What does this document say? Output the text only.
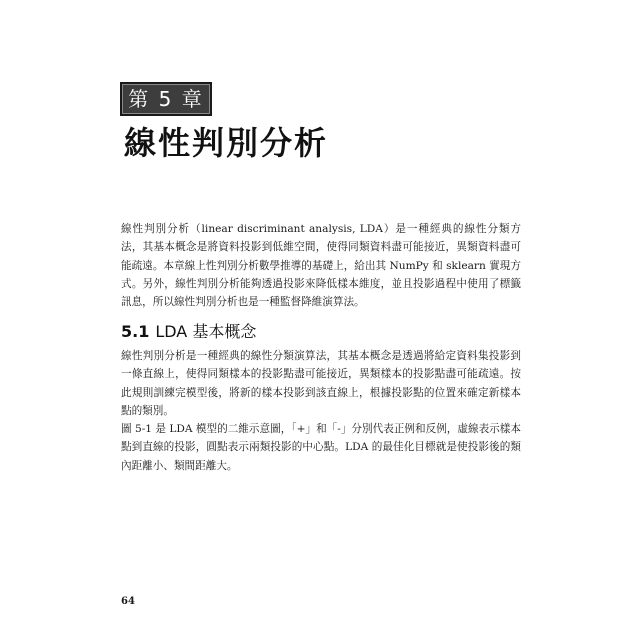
第 5 章
線性判別分析

線性判別分析（linear discriminant analysis, LDA）是一種經典的線性分類方法，其基本概念是將資料投影到低維空間，使得同類資料盡可能接近，異類資料盡可能疏遠。本章線上性判別分析數學推導的基礎上，給出其 NumPy 和 sklearn 實現方式。另外，線性判別分析能夠透過投影來降低樣本維度，並且投影過程中使用了標籤訊息，所以線性判別分析也是一種監督降維演算法。

5.1 LDA 基本概念

線性判別分析是一種經典的線性分類演算法，其基本概念是透過將給定資料集投影到一條直線上，使得同類樣本的投影點盡可能接近，異類樣本的投影點盡可能疏遠。按此規則訓練完模型後，將新的樣本投影到該直線上，根據投影點的位置來確定新樣本點的類別。

圖 5-1 是 LDA 模型的二維示意圖，「+」和「-」分別代表正例和反例，虛線表示樣本點到直線的投影，圓點表示兩類投影的中心點。LDA 的最佳化目標就是使投影後的類內距離小、類間距離大。

64
